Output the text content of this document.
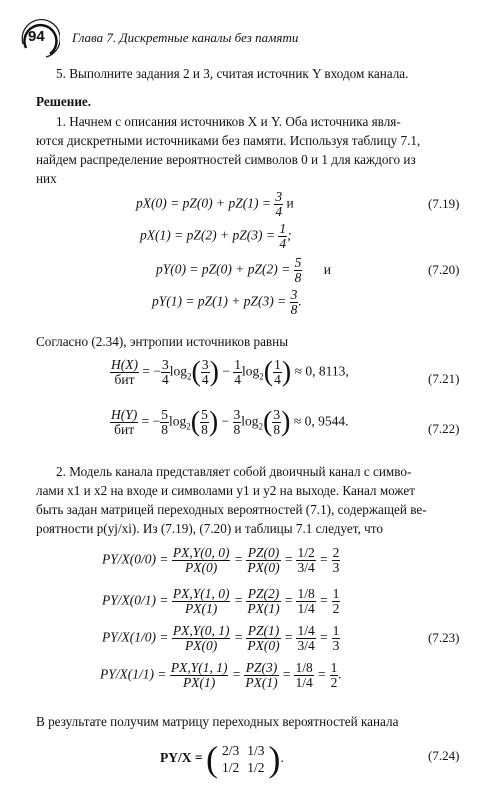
94 Глава 7. Дискретные каналы без памяти
5. Выполните задания 2 и 3, считая источник Y входом канала.
Решение.
1. Начнем с описания источников X и Y. Оба источника явля-
ются дискретными источниками без памяти. Используя таблицу 7.1,
найдем распределение вероятностей символов 0 и 1 для каждого из
них
$pX(0) = pZ(0) + pZ(1) = \frac{3}{4}$ и	(7.19)
$pX(1) = pZ(2) + pZ(3) = \frac{1}{4}$ ;
$pY(0) = pZ(0) + pZ(2) = \frac{5}{8}$ и	(7.20)
$pY(1) = pZ(1) + pZ(3) = \frac{3}{8}$ .
Согласно (2.34), энтропии источников равны
$\frac{H(X)}{\text{бит}}$ = − $\frac{3}{4} \log_2( \frac{3}{4}$ ) − $\frac{1}{4} \log_2( \frac{1}{4}$ ) ≈ 0, 8113,	(7.21)
$\frac{H(Y)}{\text{бит}}$ = − $\frac{5}{8} \log_2( \frac{5}{8}$ ) − $\frac{3}{8} \log_2( \frac{3}{8}$ ) ≈ 0, 9544.	(7.22)
2. Модель канала представляет собой двоичный канал с симво-
лами x1 и x2 на входе и символами y1 и y2 на выходе. Канал может
быть задан матрицей переходных вероятностей (7.1), содержащей ве-
роятности p(yj/xi). Из (7.19), (7.20) и таблицы 7.1 следует, что
$PY/X(0/0) = \frac{PX,Y(0, 0)}{PX(0)} = \frac{PZ(0)}{PX(0)} = \frac{1/2}{3/4} = \frac{2}{3}$
$PY/X(0/1) = \frac{PX,Y(1, 0)}{PX(1)} = \frac{PZ(2)}{PX(1)} = \frac{1/8}{1/4} = \frac{1}{2}$
$PY/X(1/0) = \frac{PX,Y(0, 1)}{PX(0)} = \frac{PZ(1)}{PX(0)} = \frac{1/4}{3/4} = \frac{1}{3}$	(7.23)
$PY/X(1/1) = \frac{PX,Y(1, 1)}{PX(1)} = \frac{PZ(3)}{PX(1)} = \frac{1/8}{1/4} = \frac{1}{2}$ .
В результате получим матрицу переходных вероятностей канала
PY/X = ( 2/3	1/3
1/2	1/2 ).	(7.24)
